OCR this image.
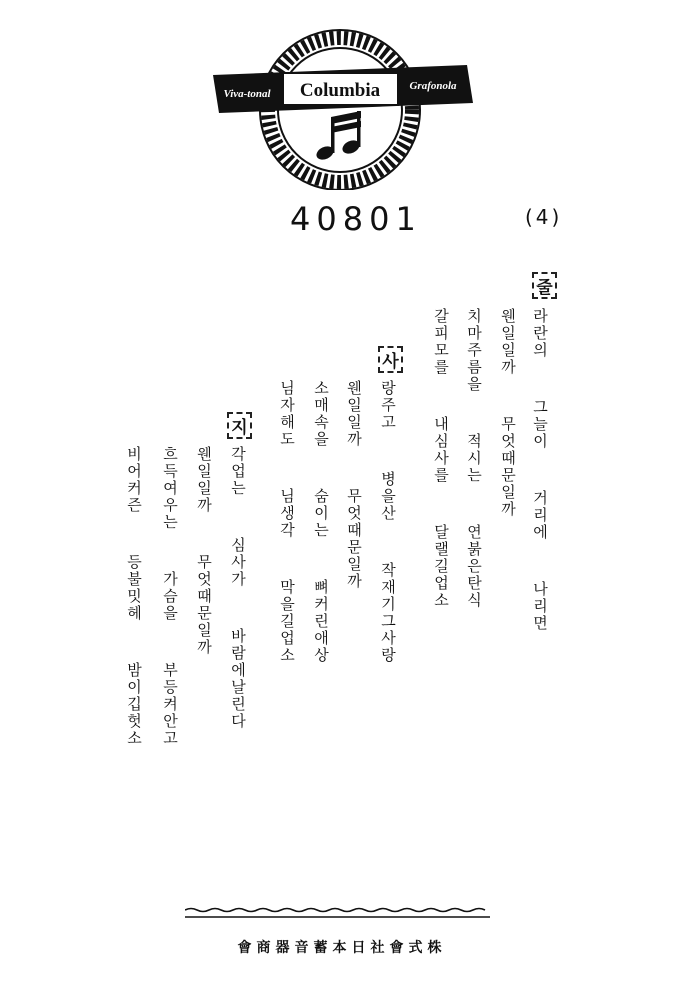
Columbia
Viva-tonal
Grafonola
40801	(4)
줄
라란의  그늘이  거리에  나리면
웬일일까  무엇때문일까
치마주름을  적시는  연붉은탄식
갈피모를  내심사를  달랠길업소
사
랑주고  병을산  작재기그사랑
웬일일까  무엇때문일까
소매속을  숨이는  뼈커린애상
님자해도  님생각  막을길업소
지
각업는  심사가  바람에날린다
웬일일까  무엇때문일까
흐득여우는  가슴을  부등켜안고
비어커즌  등불밋헤  밤이깁헛소
會商器音蓄本日社會式株
